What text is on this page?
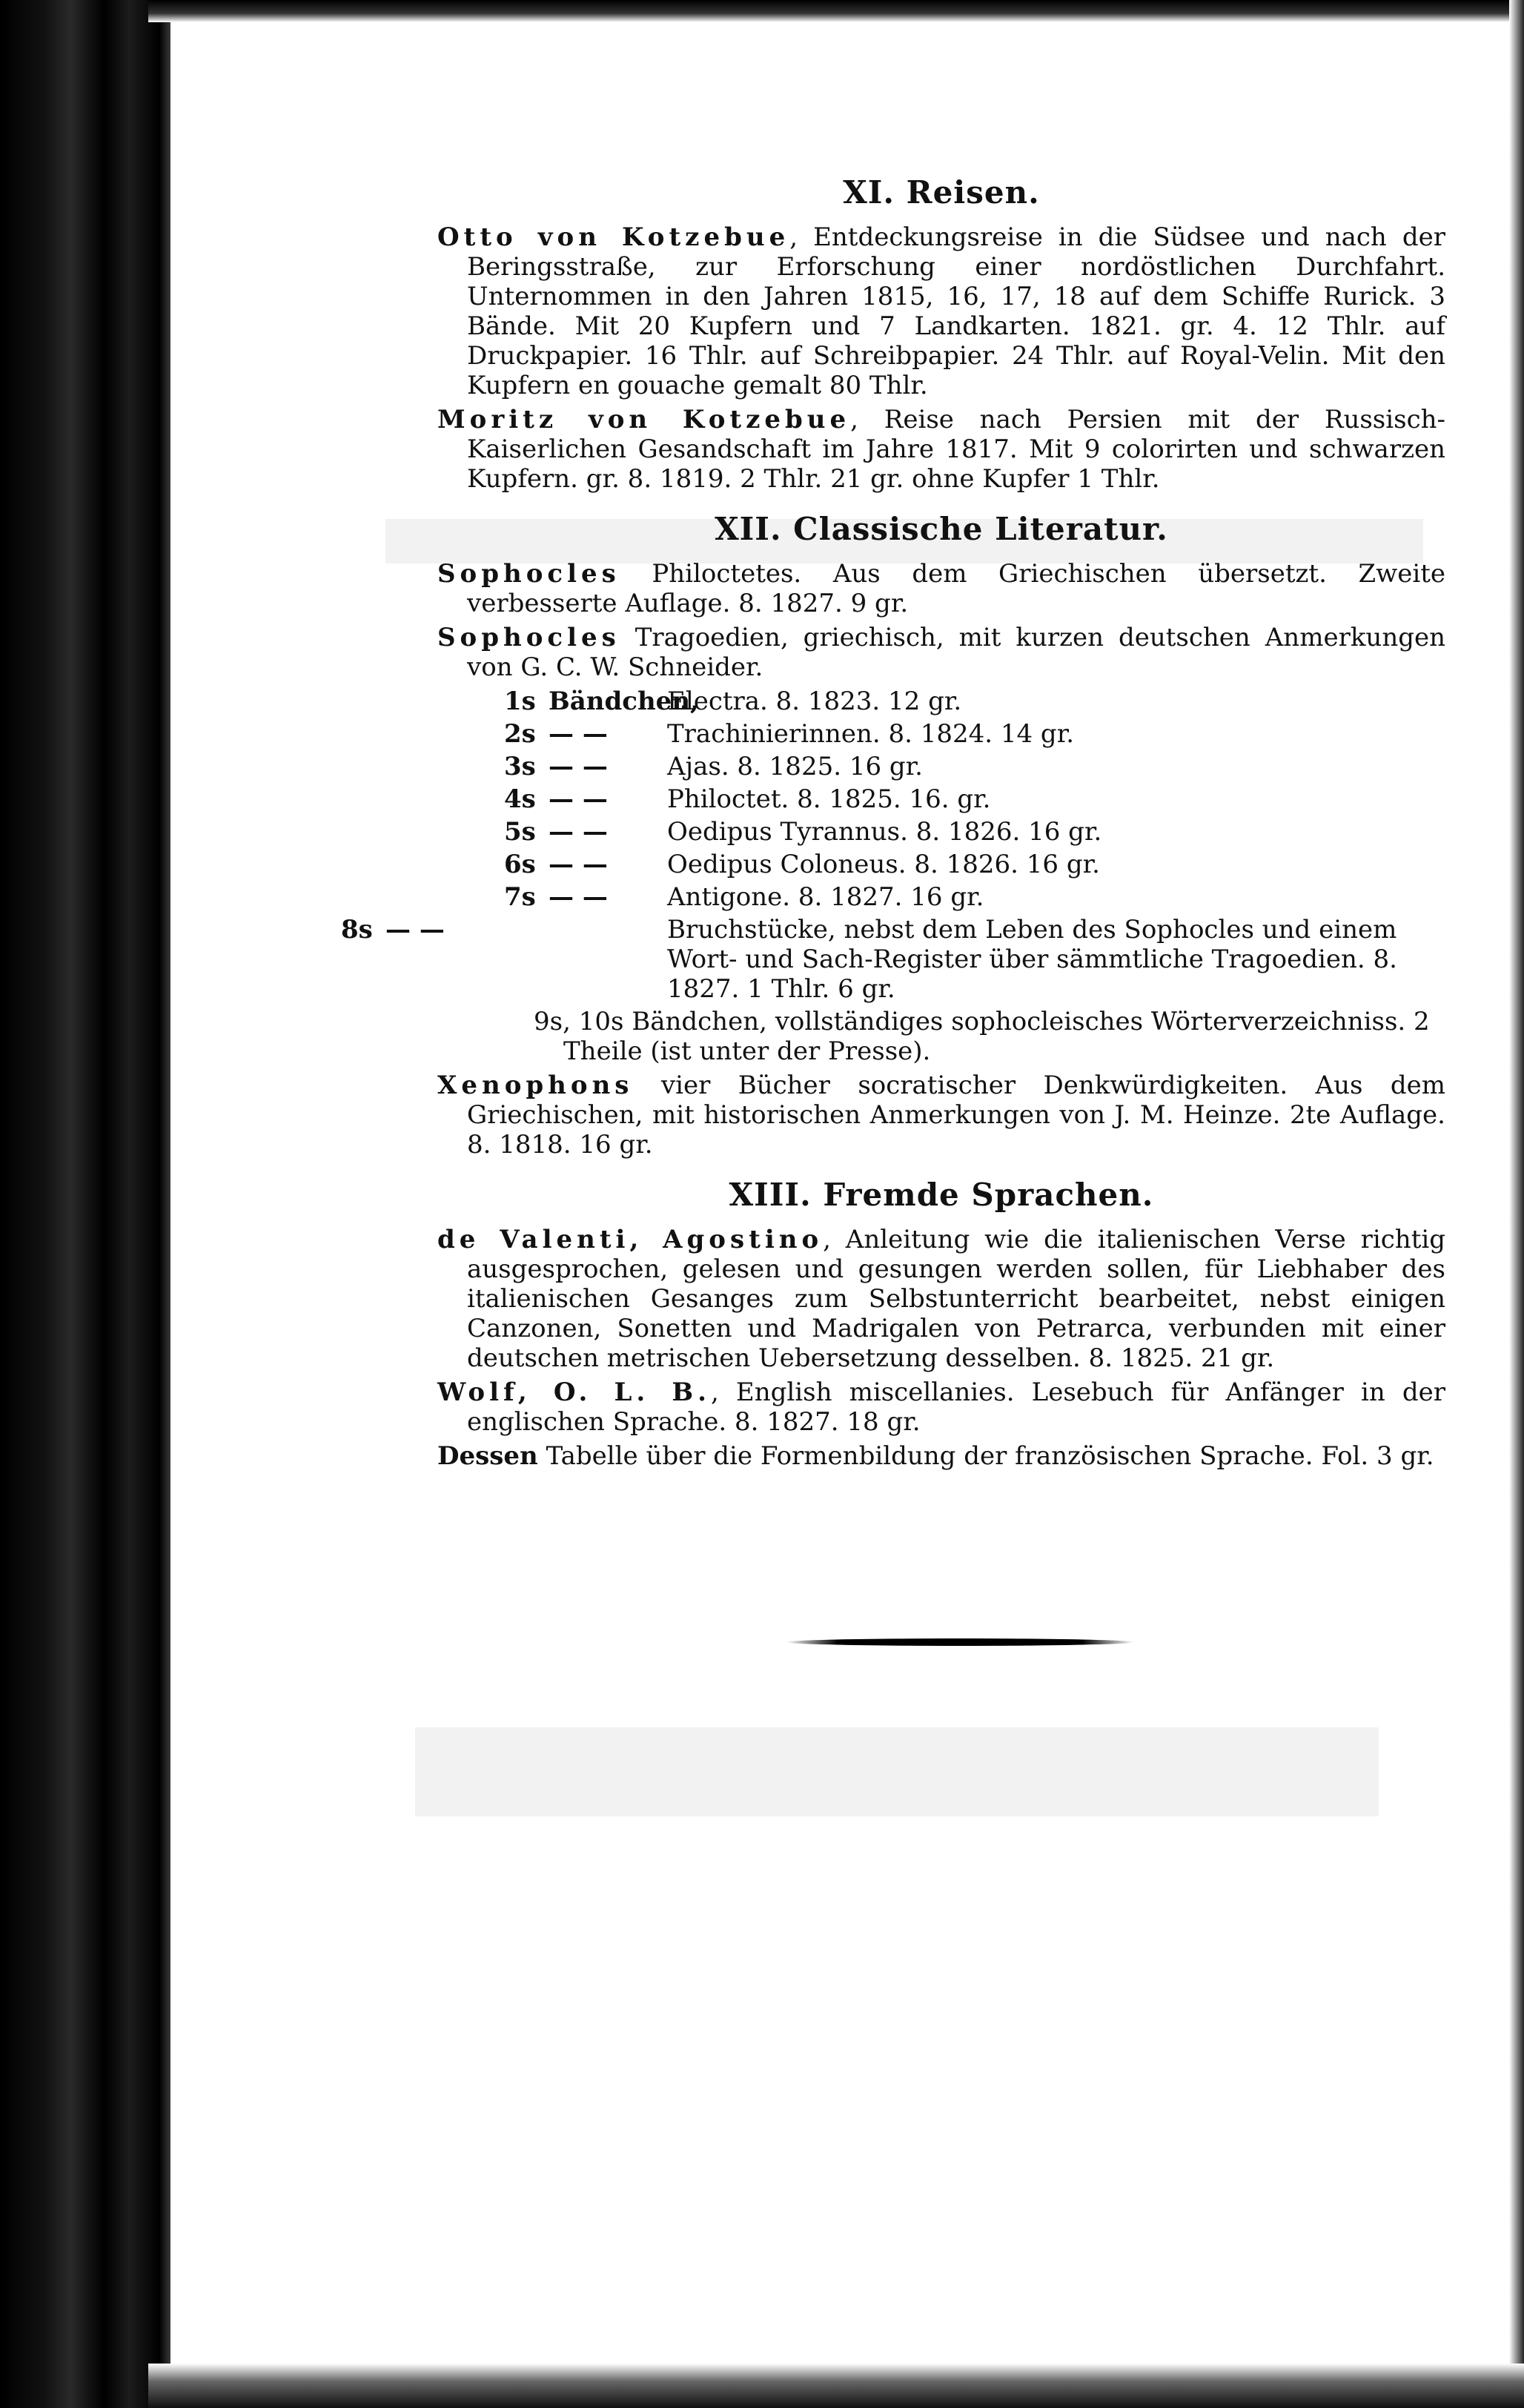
XI. Reisen.
Otto von Kotzebue, Entdeckungsreise in die Südsee und nach der Beringsstraße, zur Erforschung einer nordöstlichen Durchfahrt. Unternommen in den Jahren 1815, 16, 17, 18 auf dem Schiffe Rurick. 3 Bände. Mit 20 Kupfern und 7 Landkarten. 1821. gr. 4. 12 Thlr. auf Druckpapier. 16 Thlr. auf Schreibpapier. 24 Thlr. auf Royal-Velin. Mit den Kupfern en gouache gemalt 80 Thlr.
Moritz von Kotzebue, Reise nach Persien mit der Russisch-Kaiserlichen Gesandschaft im Jahre 1817. Mit 9 colorirten und schwarzen Kupfern. gr. 8. 1819. 2 Thlr. 21 gr. ohne Kupfer 1 Thlr.
XII. Classische Literatur.
Sophocles Philoctetes. Aus dem Griechischen übersetzt. Zweite verbesserte Auflage. 8. 1827. 9 gr.
Sophocles Tragoedien, griechisch, mit kurzen deutschen Anmerkungen von G. C. W. Schneider.
1s Bändchen,Electra. 8. 1823. 12 gr.
2s — — Trachinierinnen. 8. 1824. 14 gr.
3s — — Ajas. 8. 1825. 16 gr.
4s — — Philoctet. 8. 1825. 16. gr.
5s — — Oedipus Tyrannus. 8. 1826. 16 gr.
6s — — Oedipus Coloneus. 8. 1826. 16 gr.
7s — — Antigone. 8. 1827. 16 gr.
8s — —	Bruchstücke, nebst dem Leben des Sophocles und einem Wort- und Sach-Register über sämmtliche Tragoedien. 8. 1827. 1 Thlr. 6 gr.
9s, 10s Bändchen, vollständiges sophocleisches Wörterverzeichniss. 2 Theile (ist unter der Presse).
Xenophons vier Bücher socratischer Denkwürdigkeiten. Aus dem Griechischen, mit historischen Anmerkungen von J. M. Heinze. 2te Auflage. 8. 1818. 16 gr.
XIII. Fremde Sprachen.
de Valenti, Agostino, Anleitung wie die italienischen Verse richtig ausgesprochen, gelesen und gesungen werden sollen, für Liebhaber des italienischen Gesanges zum Selbstunterricht bearbeitet, nebst einigen Canzonen, Sonetten und Madrigalen von Petrarca, verbunden mit einer deutschen metrischen Uebersetzung desselben. 8. 1825. 21 gr.
Wolf, O. L. B., English miscellanies. Lesebuch für Anfänger in der englischen Sprache. 8. 1827. 18 gr.
Dessen Tabelle über die Formenbildung der französischen Sprache. Fol. 3 gr.
